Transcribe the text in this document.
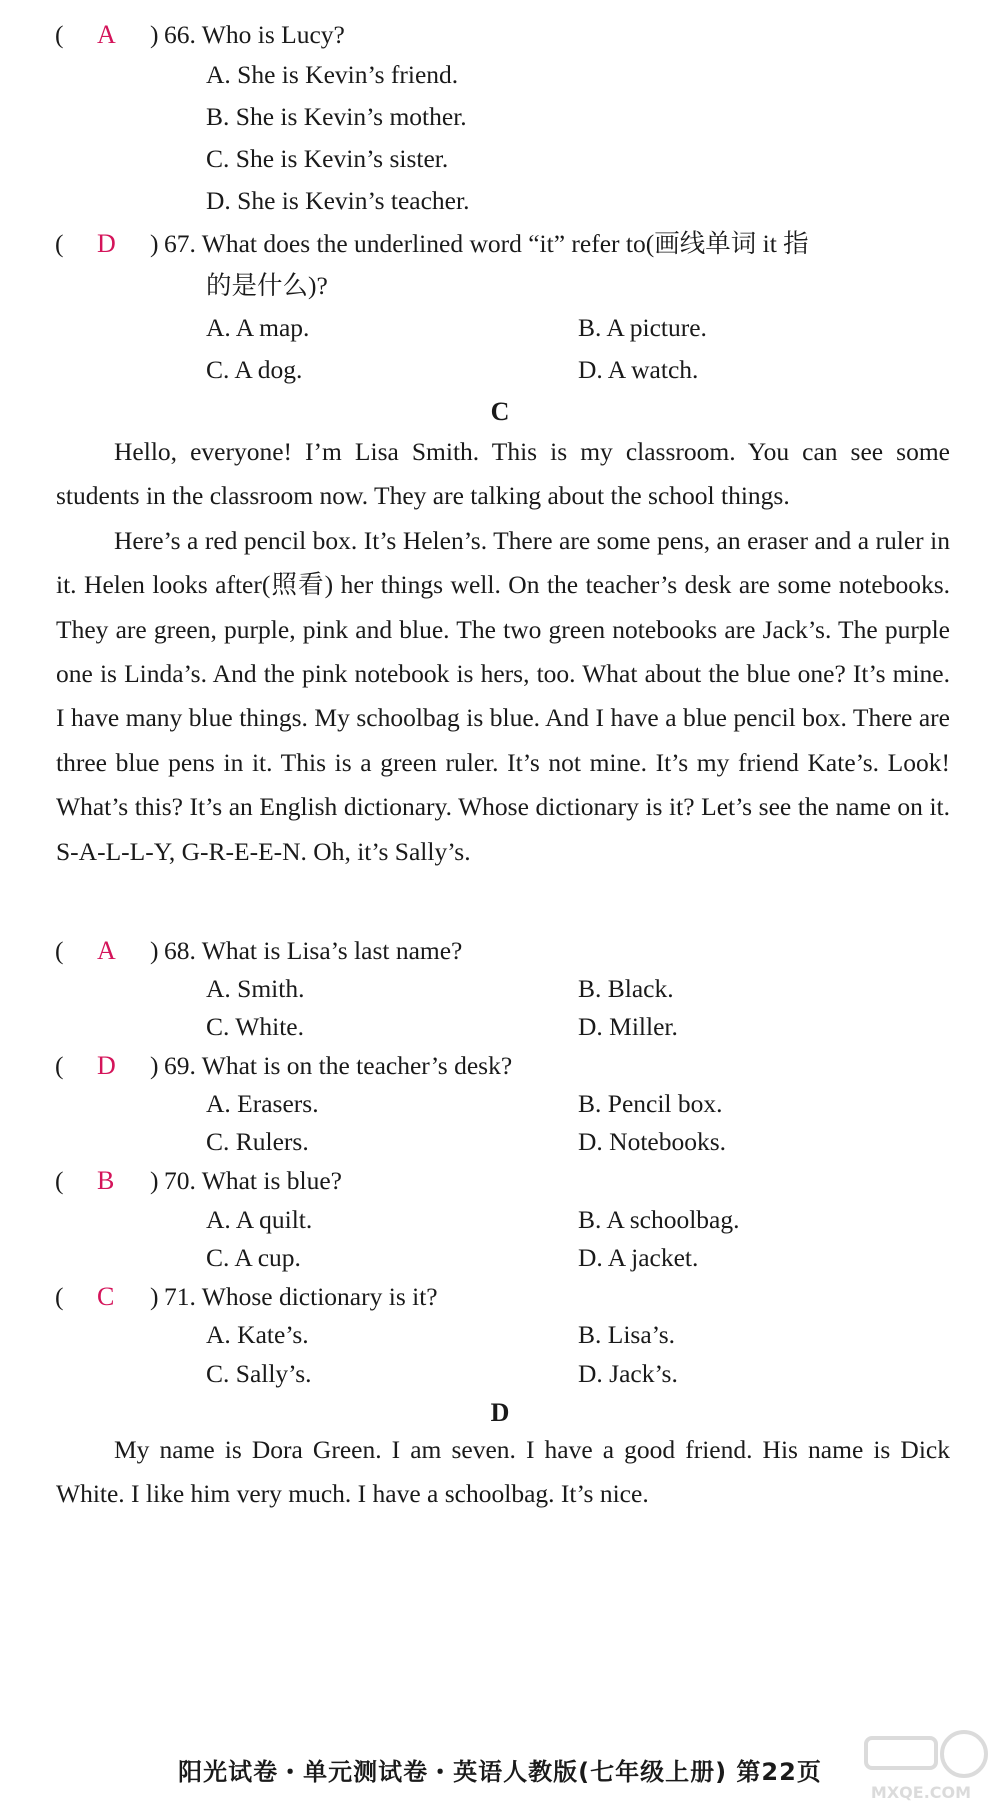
( A ) 66. Who is Lucy?
A. She is Kevin’s friend.
B. She is Kevin’s mother.
C. She is Kevin’s sister.
D. She is Kevin’s teacher.
( D ) 67. What does the underlined word “it” refer to(画线单词 it 指
的是什么)?
A. A map.	B. A picture.
C. A dog.	D. A watch.
C

Hello, everyone! I’m Lisa Smith. This is my classroom. You can see some students in the classroom now. They are talking about the school things.

Here’s a red pencil box. It’s Helen’s. There are some pens, an eraser and a ruler in it. Helen looks after(照看) her things well. On the teacher’s desk are some notebooks. They are green, purple, pink and blue. The two green notebooks are Jack’s. The purple one is Linda’s. And the pink notebook is hers, too. What about the blue one? It’s mine. I have many blue things. My schoolbag is blue. And I have a blue pencil box. There are three blue pens in it. This is a green ruler. It’s not mine. It’s my friend Kate’s. Look! What’s this? It’s an English dictionary. Whose dictionary is it? Let’s see the name on it. S-A-L-L-Y, G-R-E-E-N. Oh, it’s Sally’s.

( A ) 68. What is Lisa’s last name?
A. Smith.	B. Black.
C. White.	D. Miller.
( D ) 69. What is on the teacher’s desk?
A. Erasers.	B. Pencil box.
C. Rulers.	D. Notebooks.
( B ) 70. What is blue?
A. A quilt.	B. A schoolbag.
C. A cup.	D. A jacket.
( C ) 71. Whose dictionary is it?
A. Kate’s.	B. Lisa’s.
C. Sally’s.	D. Jack’s.
D

My name is Dora Green. I am seven. I have a good friend. His name is Dick White. I like him very much. I have a schoolbag. It’s nice.

阳光试卷・单元测试卷・英语人教版(七年级上册) 第22页
MXQE.COM
